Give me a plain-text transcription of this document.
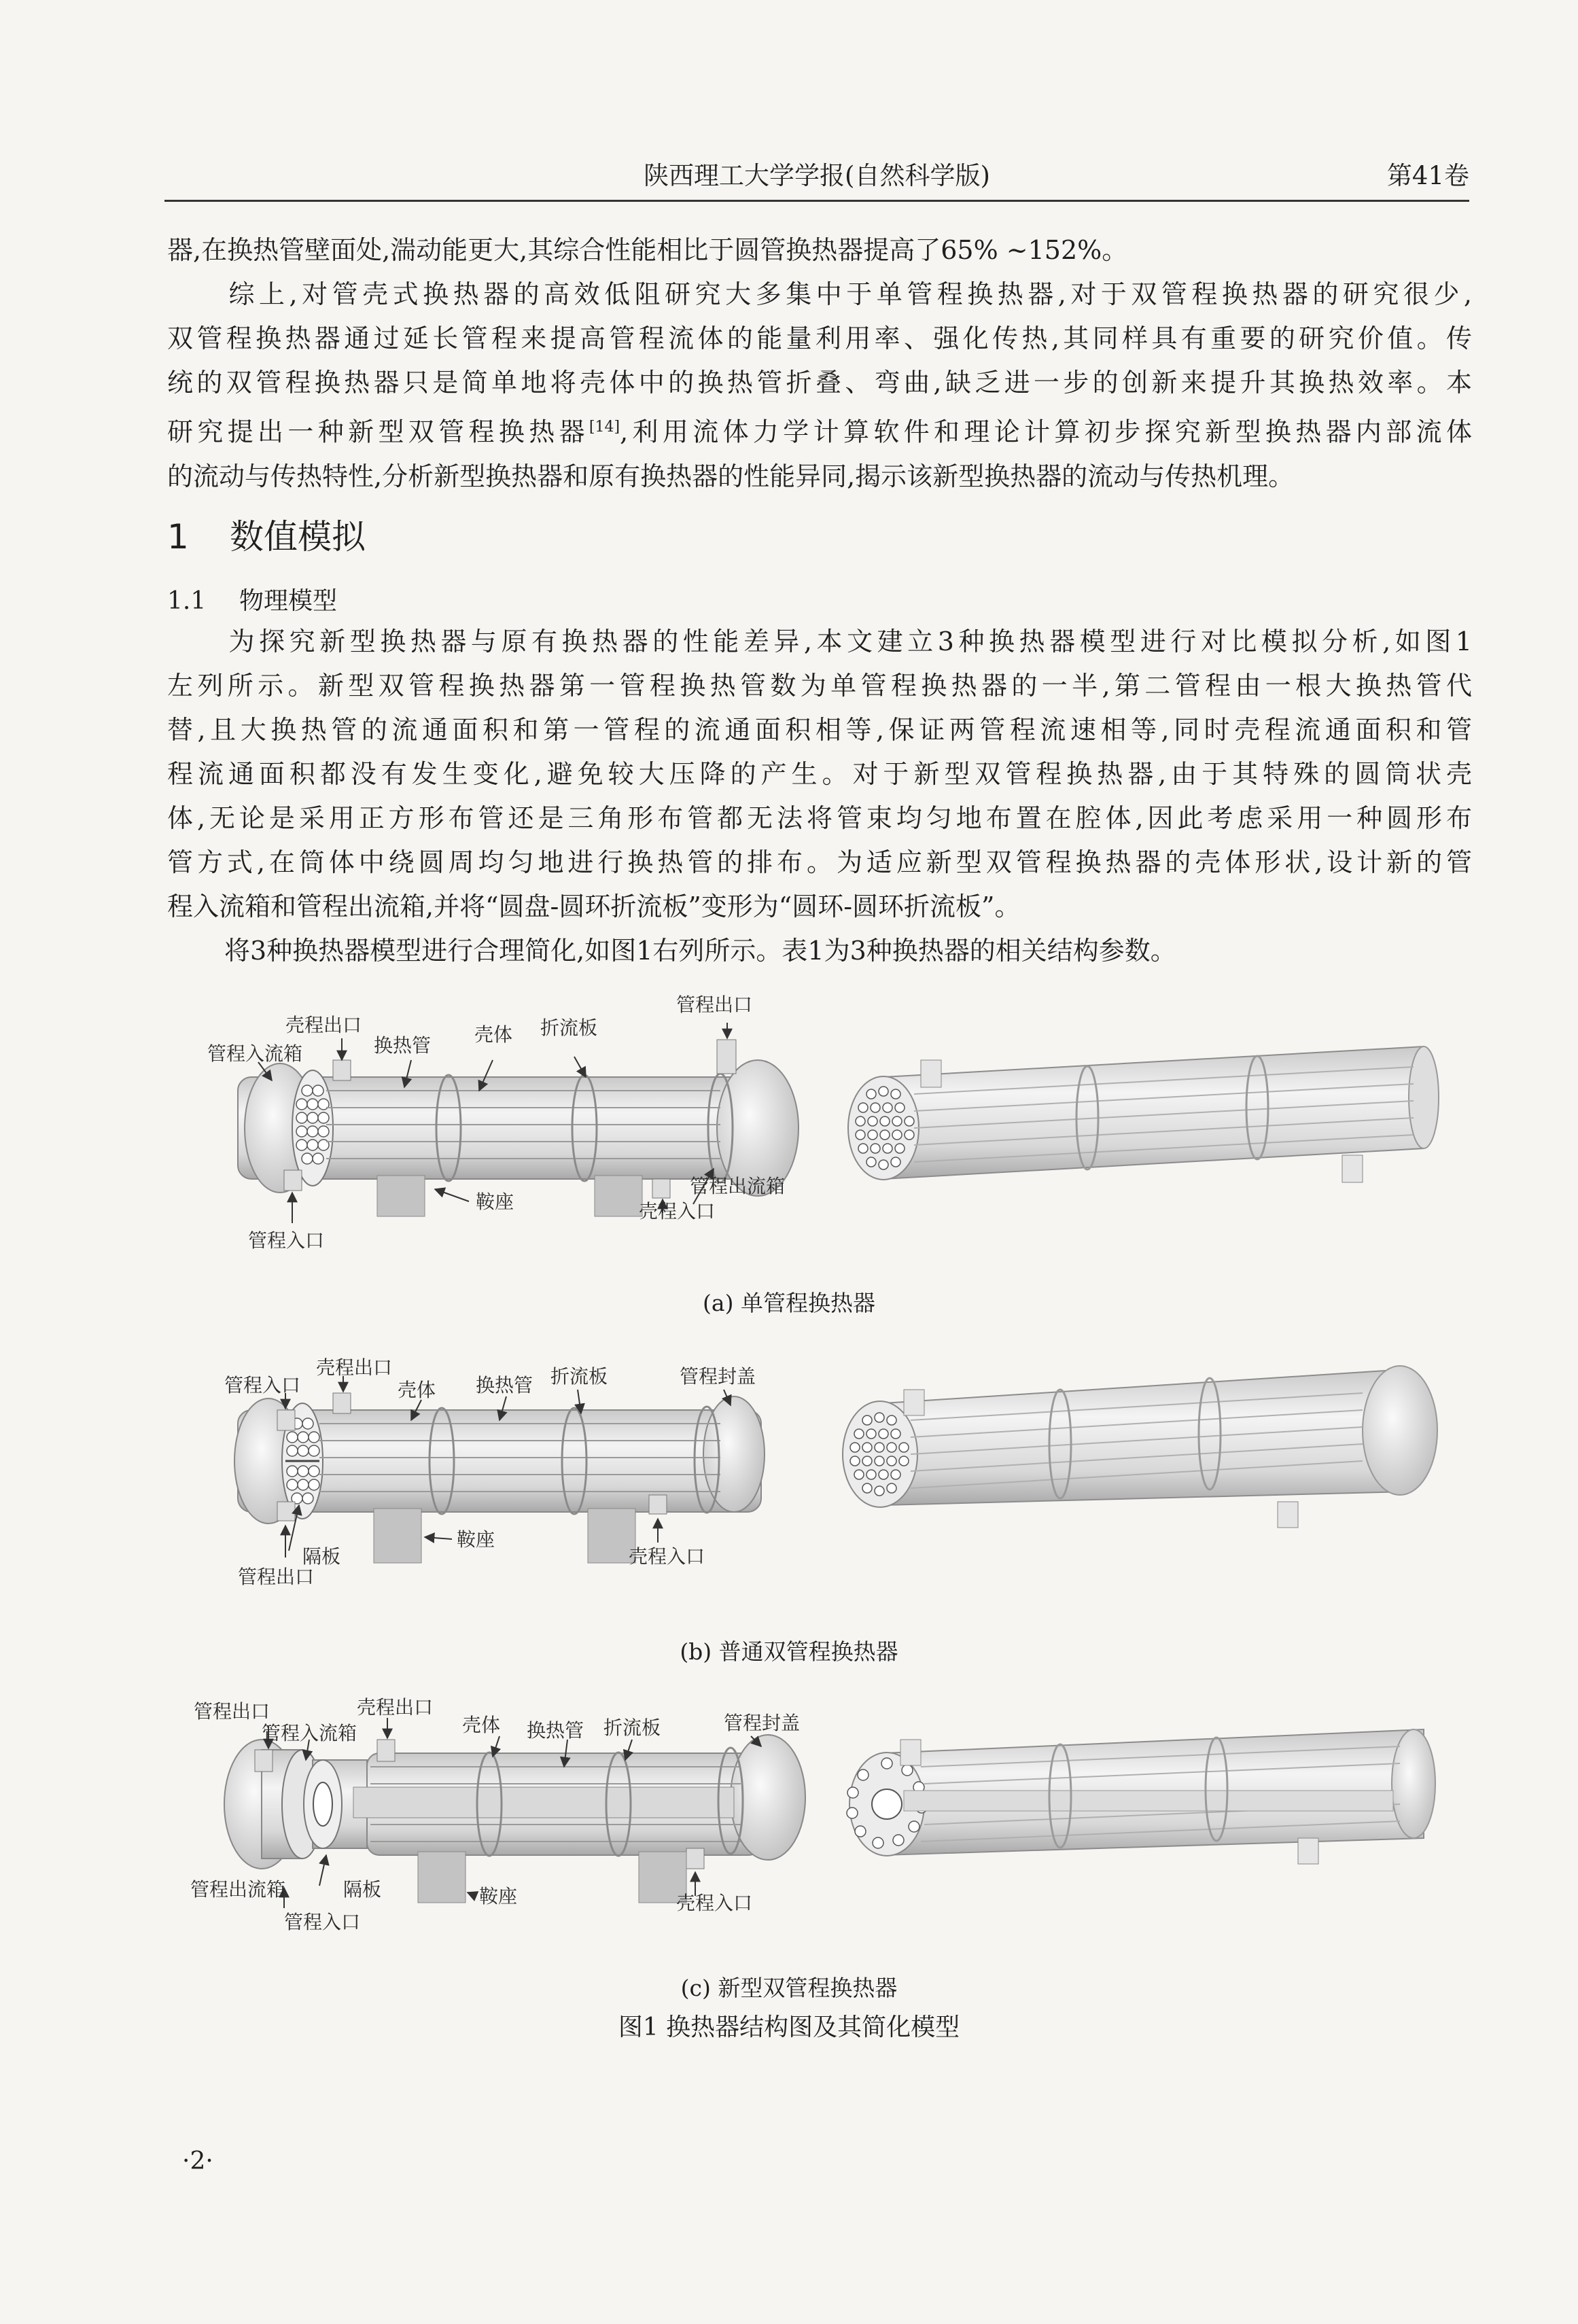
陕西理工大学学报(自然科学版)	第41卷
器,在换热管壁面处,湍动能更大,其综合性能相比于圆管换热器提高了65% ~152%。
综上,对管壳式换热器的高效低阻研究大多集中于单管程换热器,对于双管程换热器的研究很少,
双管程换热器通过延长管程来提高管程流体的能量利用率、强化传热,其同样具有重要的研究价值。传
统的双管程换热器只是简单地将壳体中的换热管折叠、弯曲,缺乏进一步的创新来提升其换热效率。本
研究提出一种新型双管程换热器[14],利用流体力学计算软件和理论计算初步探究新型换热器内部流体
的流动与传热特性,分析新型换热器和原有换热器的性能异同,揭示该新型换热器的流动与传热机理。
1 数值模拟
1.1 物理模型
为探究新型换热器与原有换热器的性能差异,本文建立3种换热器模型进行对比模拟分析,如图1
左列所示。新型双管程换热器第一管程换热管数为单管程换热器的一半,第二管程由一根大换热管代
替,且大换热管的流通面积和第一管程的流通面积相等,保证两管程流速相等,同时壳程流通面积和管
程流通面积都没有发生变化,避免较大压降的产生。对于新型双管程换热器,由于其特殊的圆筒状壳
体,无论是采用正方形布管还是三角形布管都无法将管束均匀地布置在腔体,因此考虑采用一种圆形布
管方式,在筒体中绕圆周均匀地进行换热管的排布。为适应新型双管程换热器的壳体形状,设计新的管
程入流箱和管程出流箱,并将“圆盘-圆环折流板”变形为“圆环-圆环折流板”。
将3种换热器模型进行合理简化,如图1右列所示。表1为3种换热器的相关结构参数。
壳程出口
管程入流箱	换热管 壳体 折流板
管程出口
鞍座
管程出流箱
壳程入口
管程入口
管程入口
壳程出口
壳体 换热管 折流板	管程封盖
鞍座
隔板	壳程入口
管程出口
管程出口	壳程出口
管程入流箱	壳体 换热管 折流板	管程封盖
管程出流箱	隔板	鞍座	壳程入口
管程入口
(a) 单管程换热器
(b) 普通双管程换热器
(c) 新型双管程换热器
图1 换热器结构图及其简化模型
·2·
